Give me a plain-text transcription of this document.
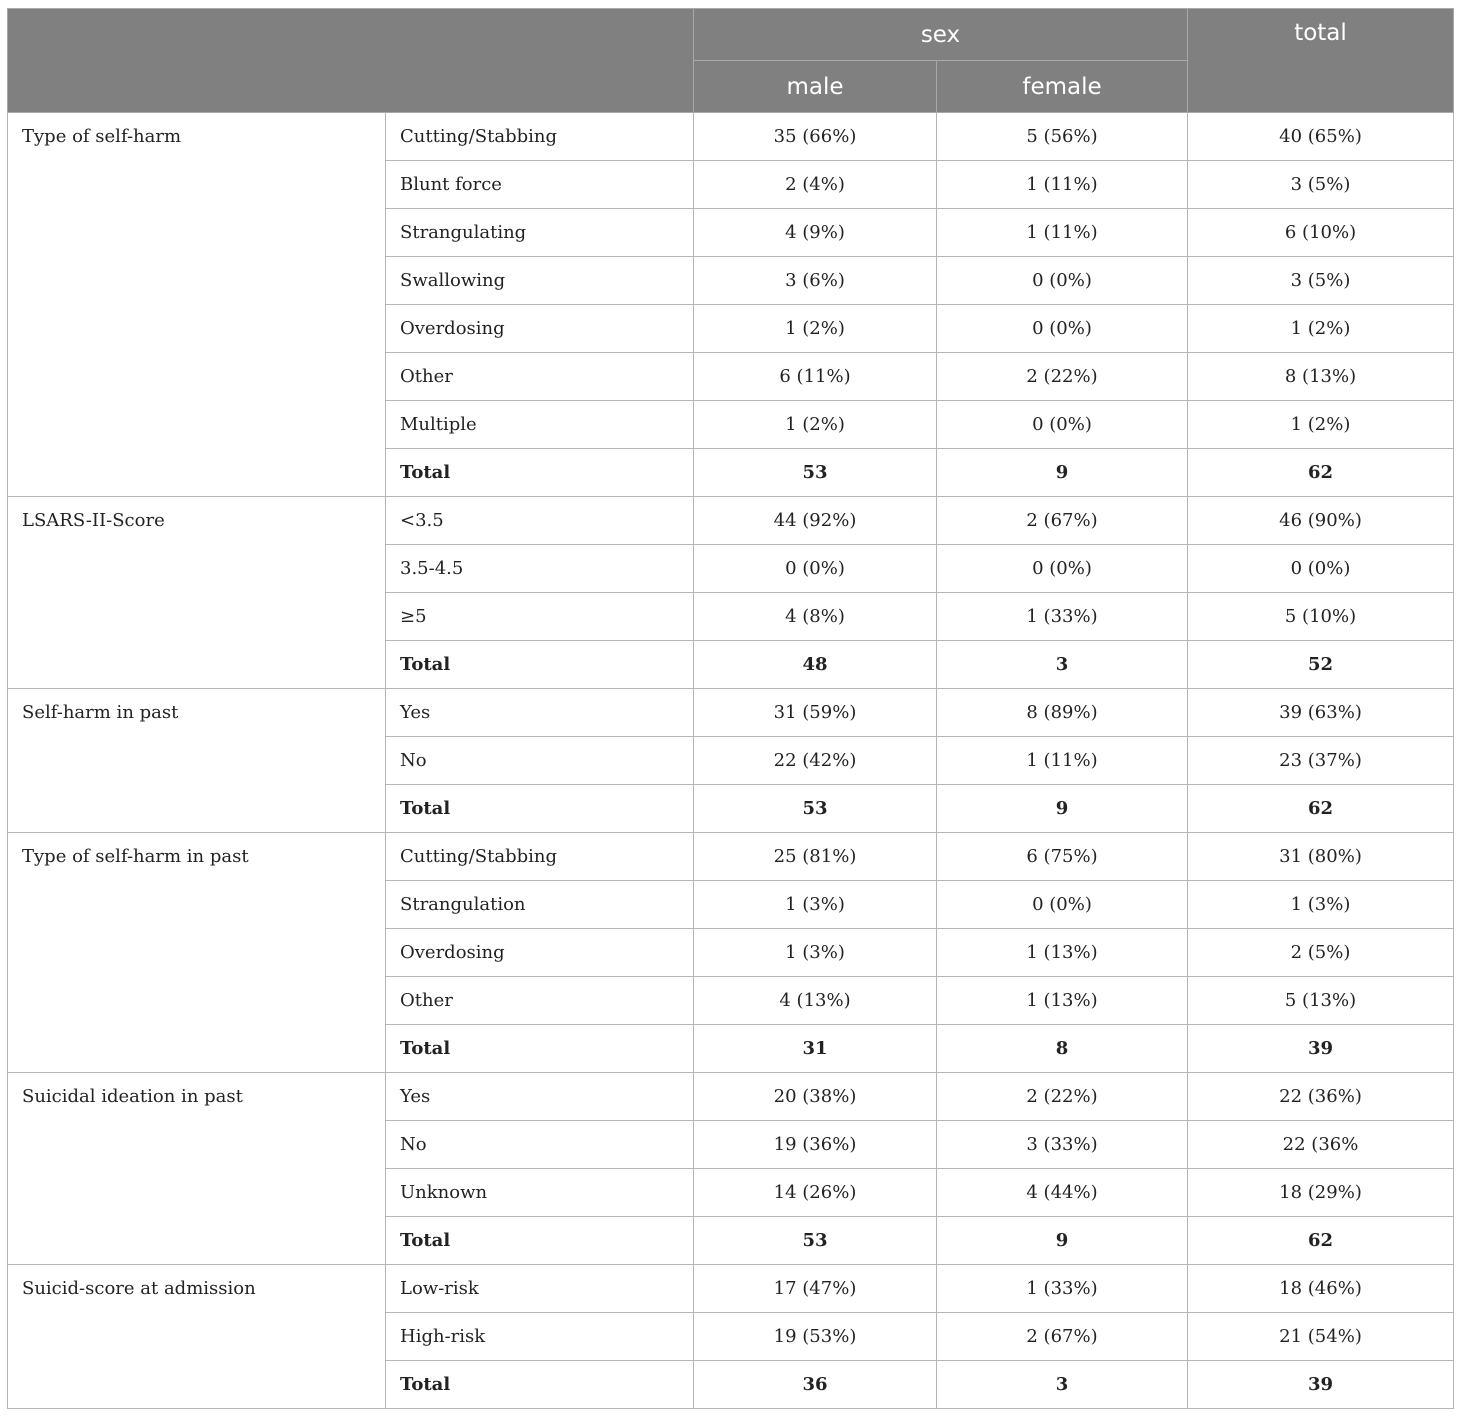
		sex		total
		male	female	
Type of self-harm	Cutting/Stabbing	35 (66%)	5 (56%)	40 (65%)
	Blunt force	2 (4%)	1 (11%)	3 (5%)
	Strangulating	4 (9%)	1 (11%)	6 (10%)
	Swallowing	3 (6%)	0 (0%)	3 (5%)
	Overdosing	1 (2%)	0 (0%)	1 (2%)
	Other	6 (11%)	2 (22%)	8 (13%)
	Multiple	1 (2%)	0 (0%)	1 (2%)
	Total	53	9	62
LSARS-II-Score	<3.5	44 (92%)	2 (67%)	46 (90%)
	3.5-4.5	0 (0%)	0 (0%)	0 (0%)
	≥5	4 (8%)	1 (33%)	5 (10%)
	Total	48	3	52
Self-harm in past	Yes	31 (59%)	8 (89%)	39 (63%)
	No	22 (42%)	1 (11%)	23 (37%)
	Total	53	9	62
Type of self-harm in past	Cutting/Stabbing	25 (81%)	6 (75%)	31 (80%)
	Strangulation	1 (3%)	0 (0%)	1 (3%)
	Overdosing	1 (3%)	1 (13%)	2 (5%)
	Other	4 (13%)	1 (13%)	5 (13%)
	Total	31	8	39
Suicidal ideation in past	Yes	20 (38%)	2 (22%)	22 (36%)
	No	19 (36%)	3 (33%)	22 (36%
	Unknown	14 (26%)	4 (44%)	18 (29%)
	Total	53	9	62
Suicid-score at admission	Low-risk	17 (47%)	1 (33%)	18 (46%)
	High-risk	19 (53%)	2 (67%)	21 (54%)
	Total	36	3	39
